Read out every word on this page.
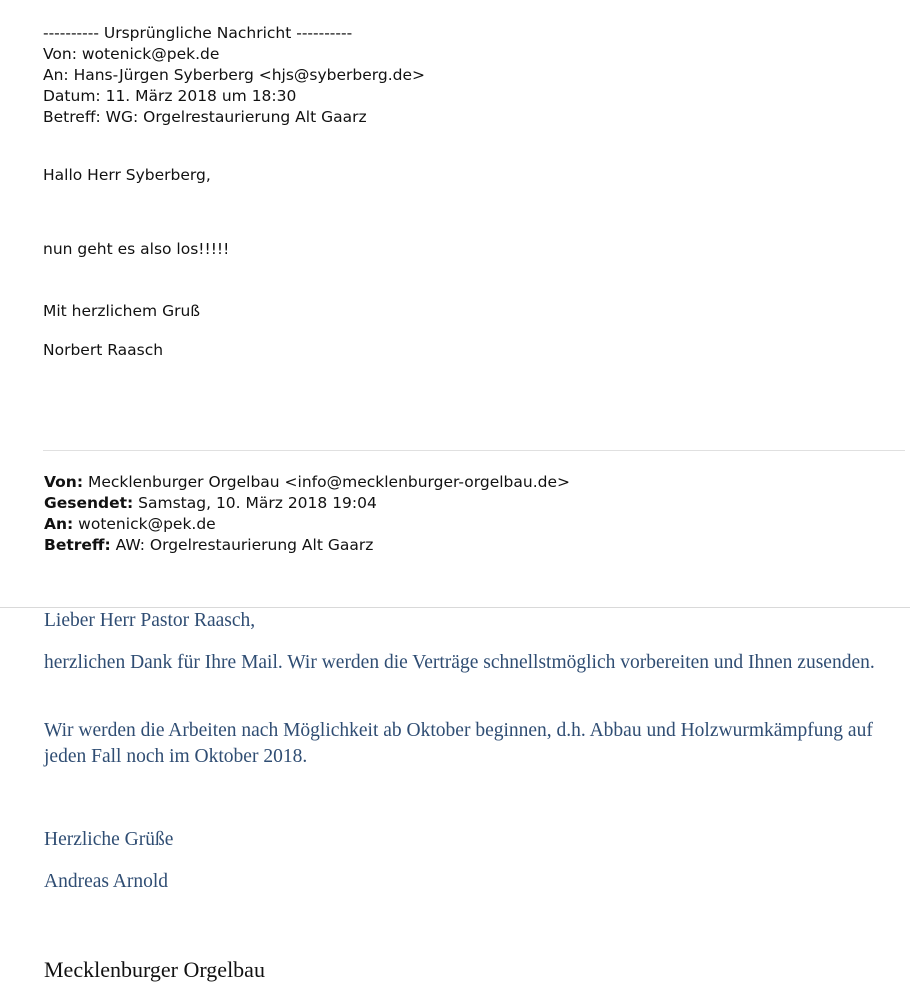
---------- Ursprüngliche Nachricht ----------
Von: wotenick@pek.de
An: Hans-Jürgen Syberberg <hjs@syberberg.de>
Datum: 11. März 2018 um 18:30
Betreff: WG: Orgelrestaurierung Alt Gaarz
Hallo Herr Syberberg,
nun geht es also los!!!!!
Mit herzlichem Gruß
Norbert Raasch
Von: Mecklenburger Orgelbau <info@mecklenburger-orgelbau.de>
Gesendet: Samstag, 10. März 2018 19:04
An: wotenick@pek.de
Betreff: AW: Orgelrestaurierung Alt Gaarz
Lieber Herr Pastor Raasch,
herzlichen Dank für Ihre Mail. Wir werden die Verträge schnellstmöglich vorbereiten und Ihnen zusenden.
Wir werden die Arbeiten nach Möglichkeit ab Oktober beginnen, d.h. Abbau und Holzwurmkämpfung auf jeden Fall noch im Oktober 2018.
Herzliche Grüße
Andreas Arnold
Mecklenburger Orgelbau
